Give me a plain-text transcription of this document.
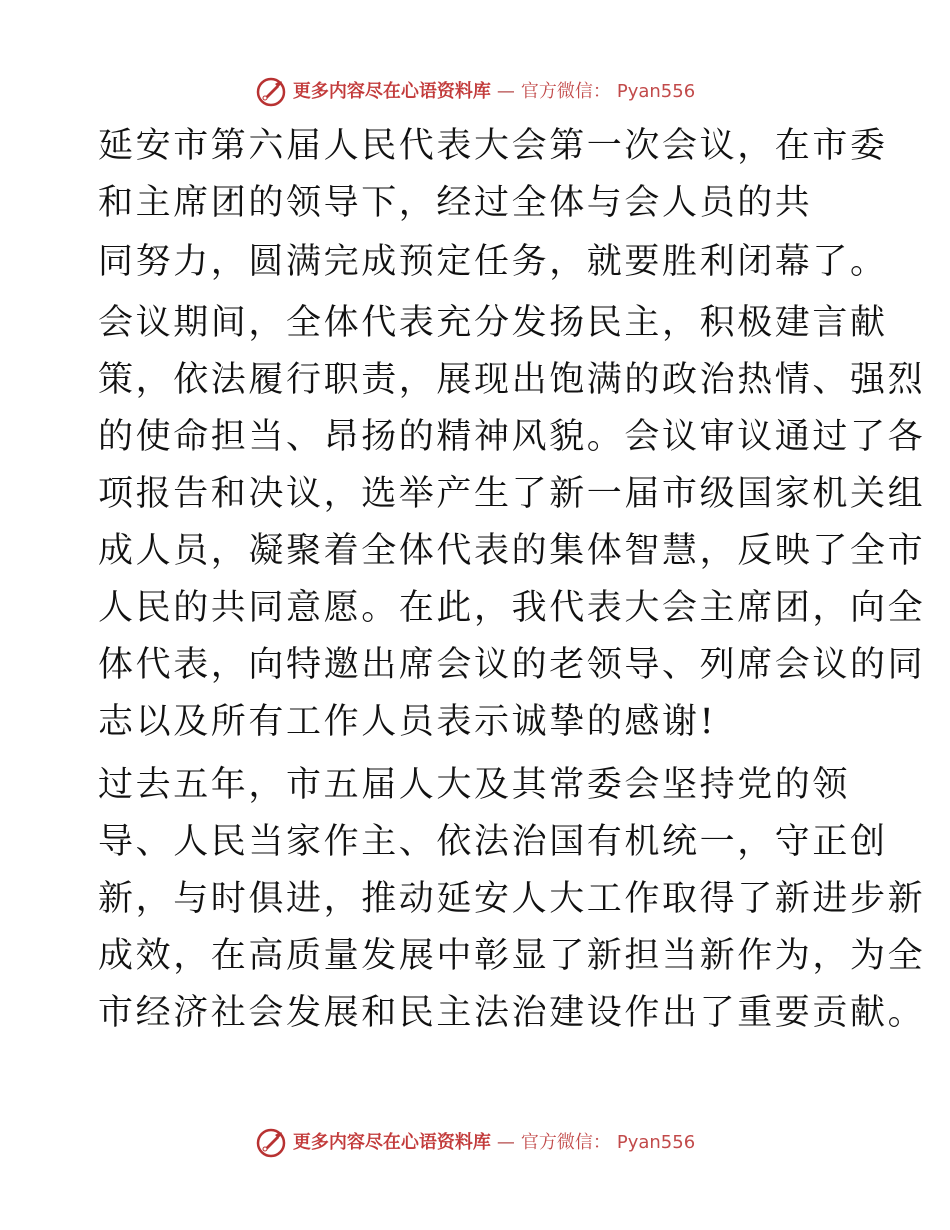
更多内容尽在心语资料库 — 官方微信： Pyan556

延安市第六届人民代表大会第一次会议，在市委
和主席团的领导下，经过全体与会人员的共

同努力，圆满完成预定任务，就要胜利闭幕了。

会议期间，全体代表充分发扬民主，积极建言献
策，依法履行职责，展现出饱满的政治热情、强烈
的使命担当、昂扬的精神风貌。会议审议通过了各
项报告和决议，选举产生了新一届市级国家机关组
成人员，凝聚着全体代表的集体智慧，反映了全市
人民的共同意愿。在此，我代表大会主席团，向全
体代表，向特邀出席会议的老领导、列席会议的同
志以及所有工作人员表示诚挚的感谢!

过去五年，市五届人大及其常委会坚持党的领
导、人民当家作主、依法治国有机统一，守正创
新，与时俱进，推动延安人大工作取得了新进步新
成效，在高质量发展中彰显了新担当新作为，为全
市经济社会发展和民主法治建设作出了重要贡献。

更多内容尽在心语资料库 — 官方微信： Pyan556
